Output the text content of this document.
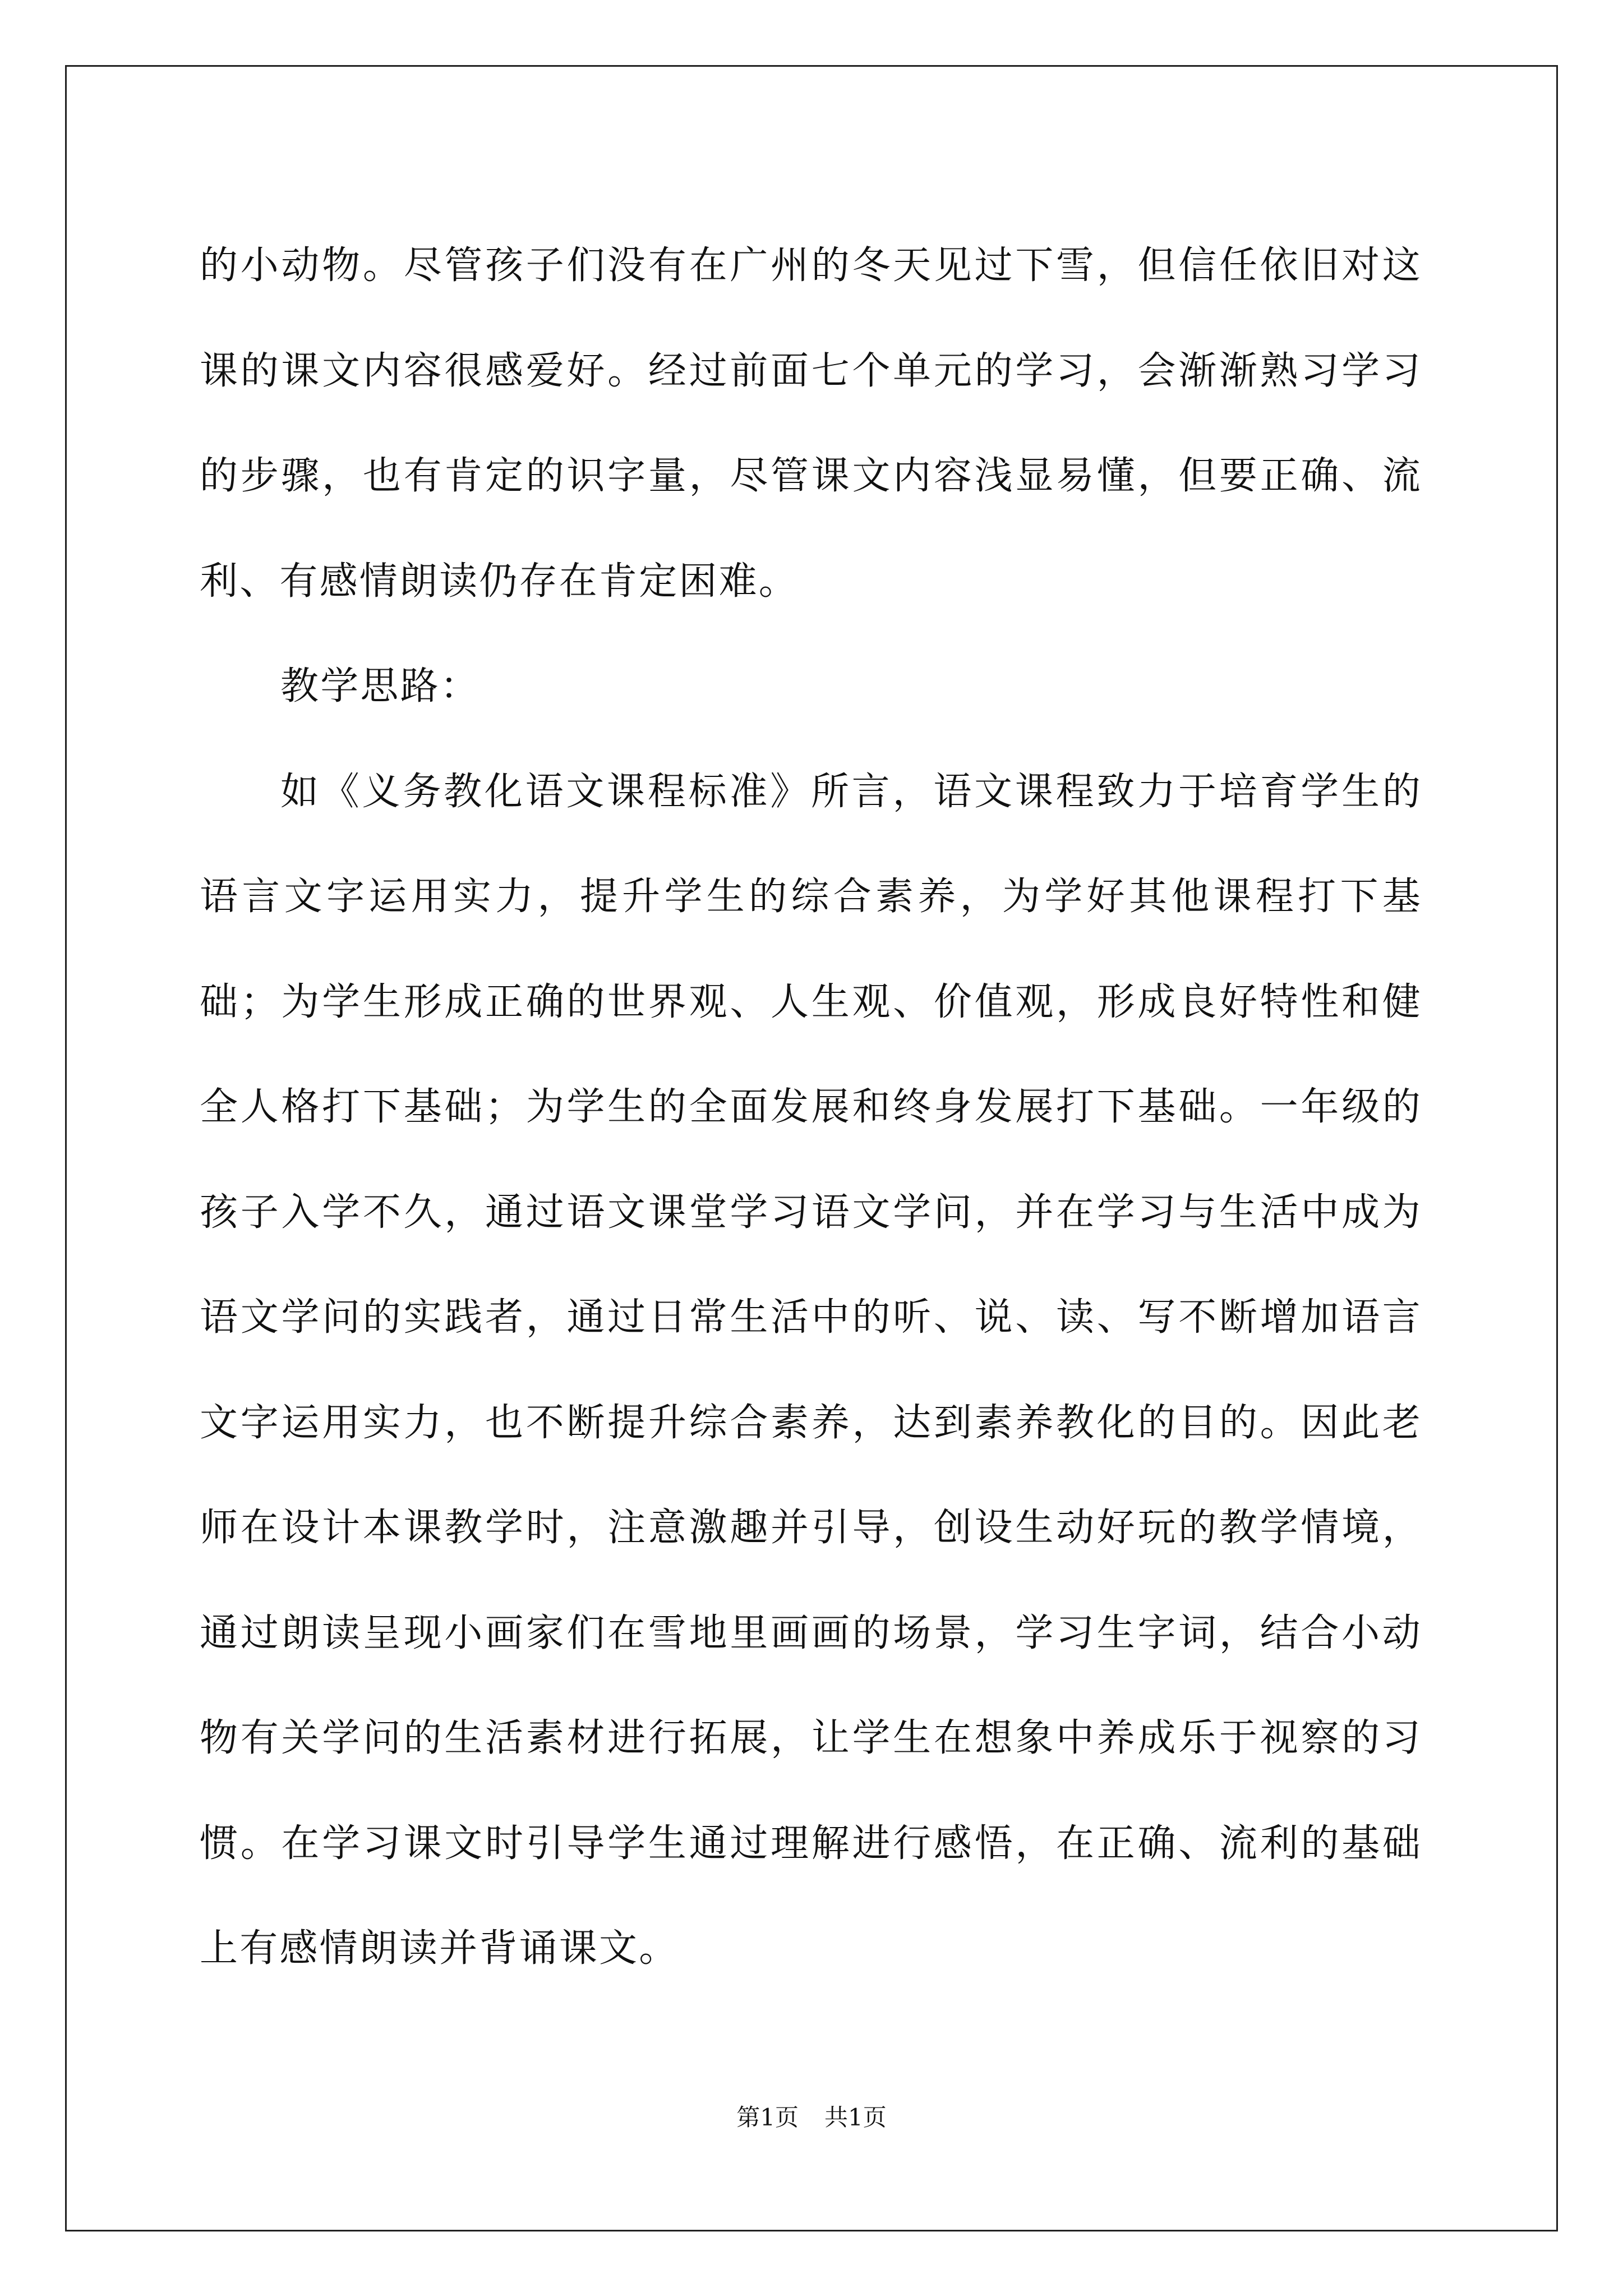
的小动物。尽管孩子们没有在广州的冬天见过下雪，但信任依旧对这课的课文内容很感爱好。经过前面七个单元的学习，会渐渐熟习学习的步骤，也有肯定的识字量，尽管课文内容浅显易懂，但要正确、流利、有感情朗读仍存在肯定困难。

教学思路：

如《义务教化语文课程标准》所言，语文课程致力于培育学生的语言文字运用实力，提升学生的综合素养，为学好其他课程打下基础；为学生形成正确的世界观、人生观、价值观，形成良好特性和健全人格打下基础；为学生的全面发展和终身发展打下基础。一年级的孩子入学不久，通过语文课堂学习语文学问，并在学习与生活中成为语文学问的实践者，通过日常生活中的听、说、读、写不断增加语言文字运用实力，也不断提升综合素养，达到素养教化的目的。因此老师在设计本课教学时，注意激趣并引导，创设生动好玩的教学情境，通过朗读呈现小画家们在雪地里画画的场景，学习生字词，结合小动物有关学问的生活素材进行拓展，让学生在想象中养成乐于视察的习惯。在学习课文时引导学生通过理解进行感悟，在正确、流利的基础上有感情朗读并背诵课文。

第1页 共1页
